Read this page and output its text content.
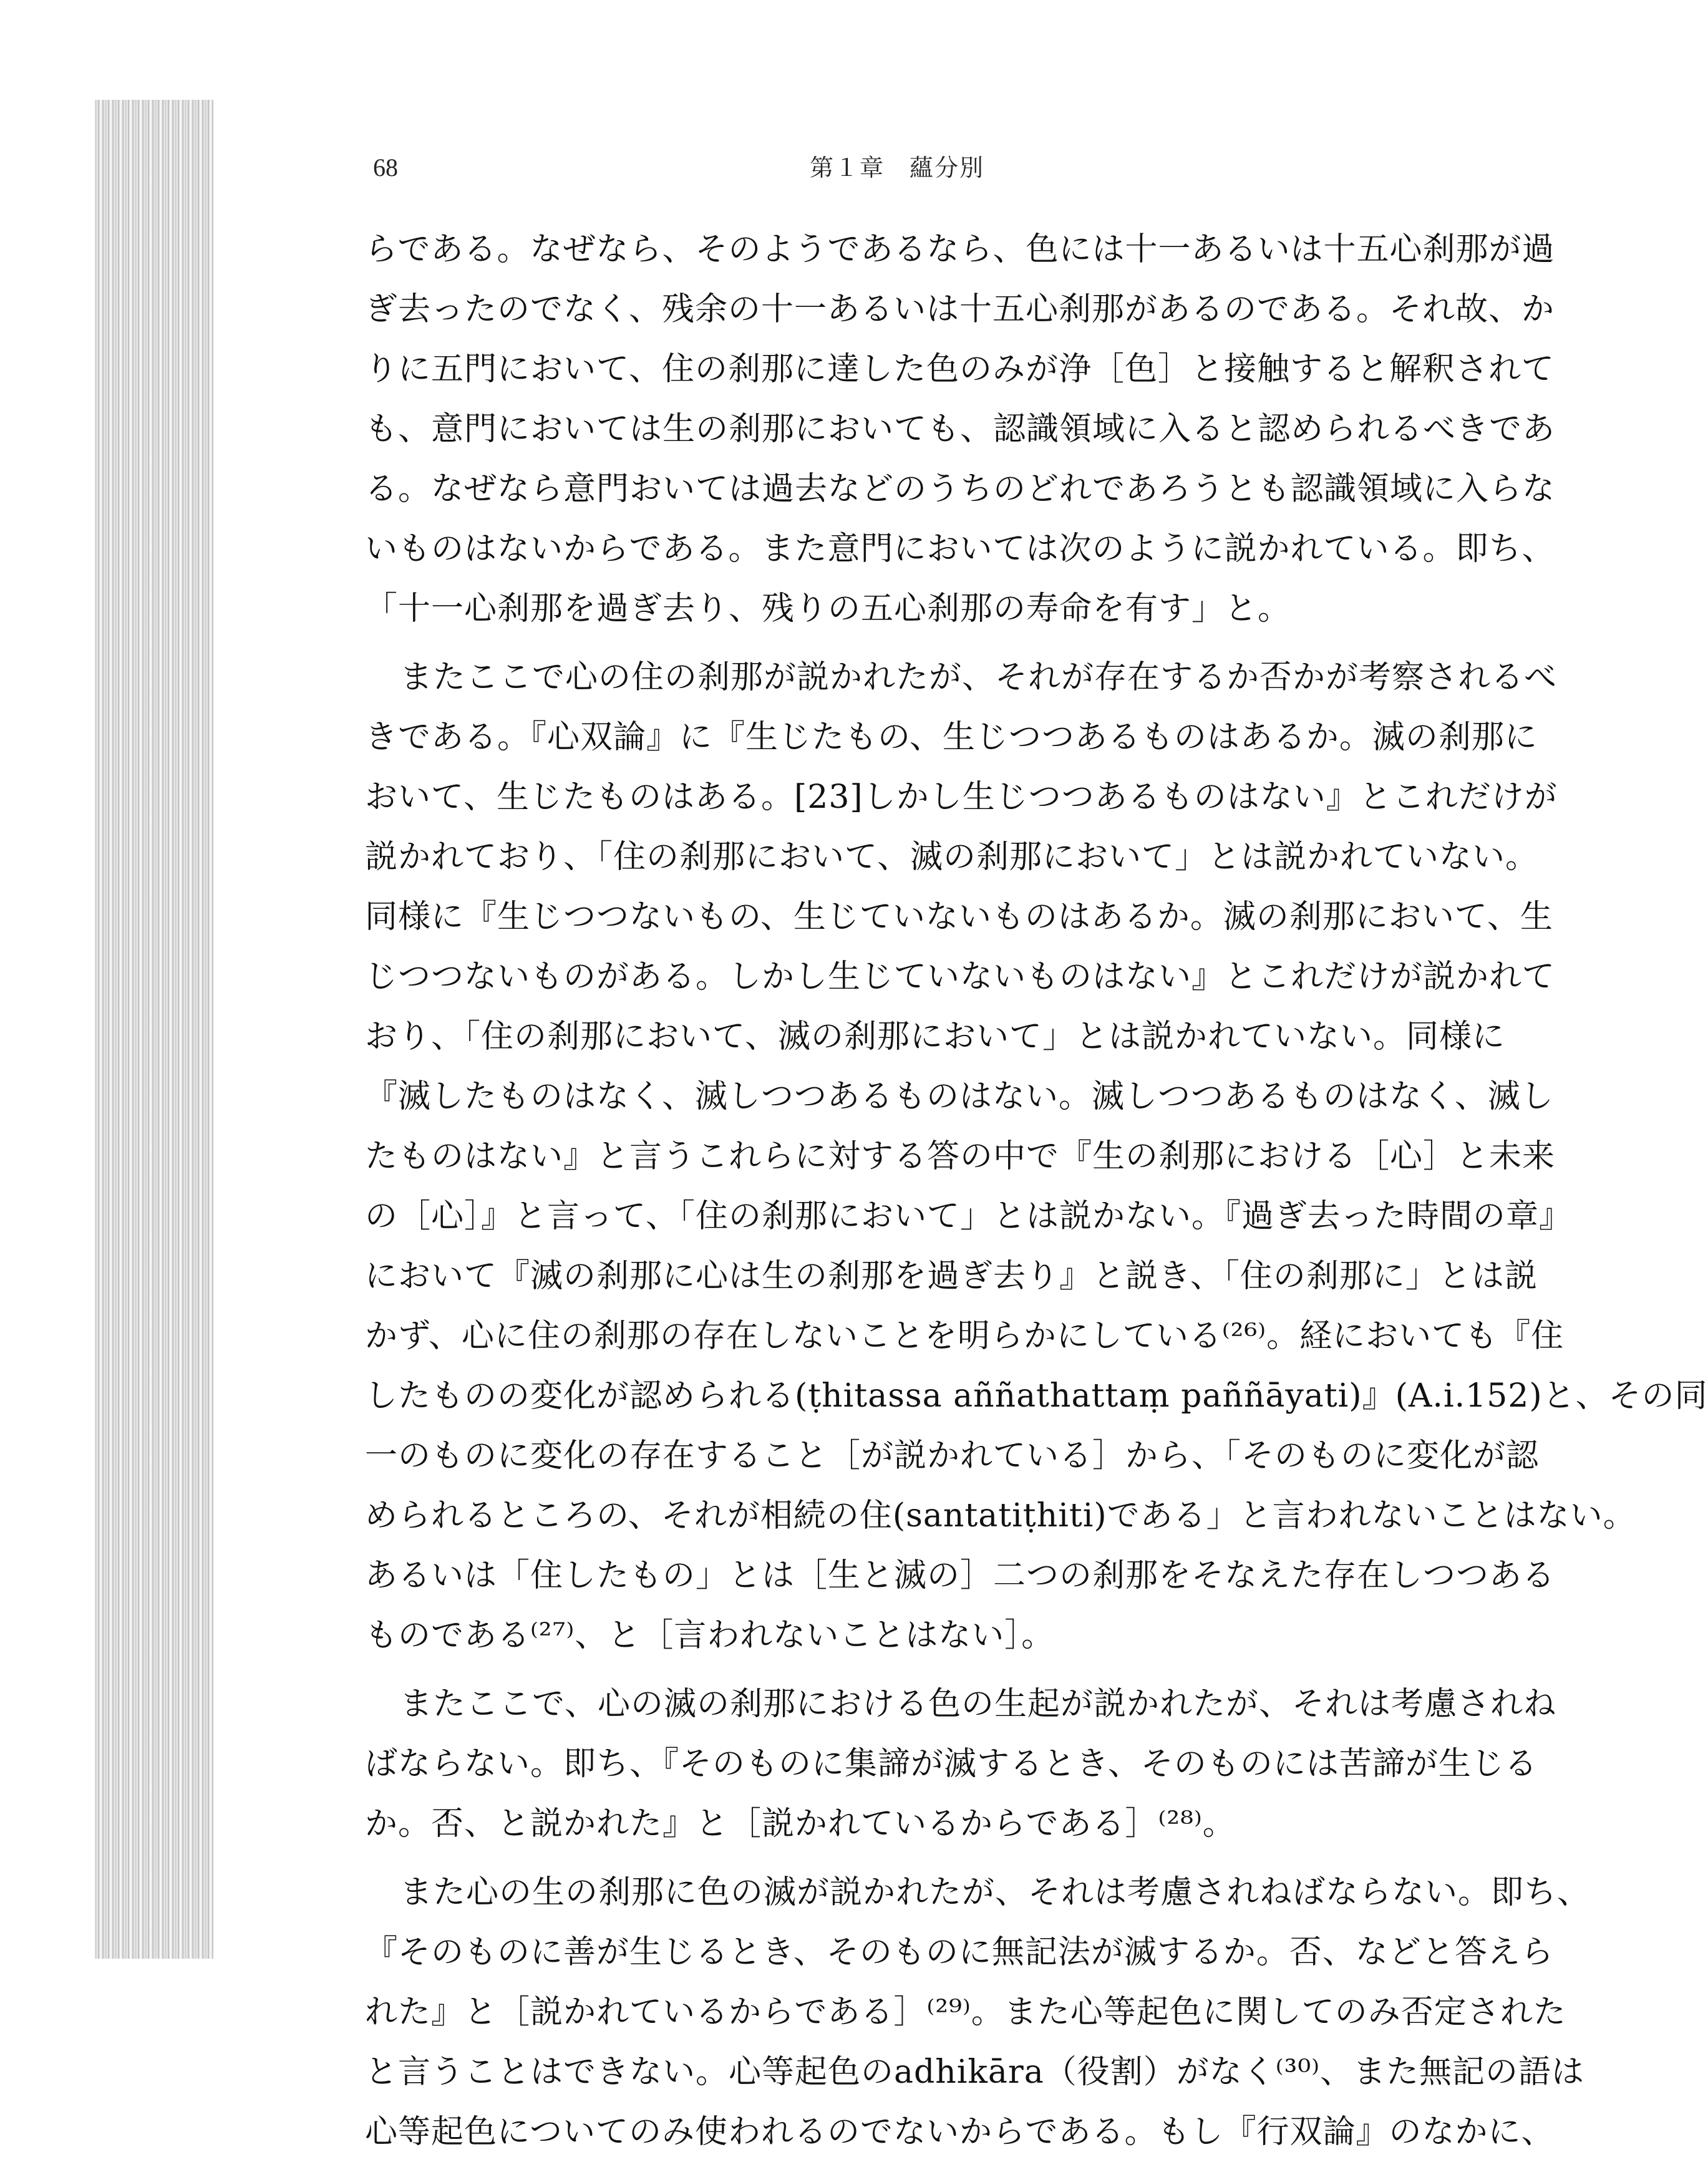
68	第１章　蘊分別
らである。なぜなら、そのようであるなら、色には十一あるいは十五心刹那が過
ぎ去ったのでなく、残余の十一あるいは十五心刹那があるのである。それ故、か
りに五門において、住の刹那に達した色のみが浄［色］と接触すると解釈されて
も、意門においては生の刹那においても、認識領域に入ると認められるべきであ
る。なぜなら意門おいては過去などのうちのどれであろうとも認識領域に入らな
いものはないからである。また意門においては次のように説かれている。即ち、
「十一心刹那を過ぎ去り、残りの五心刹那の寿命を有す」と。
またここで心の住の刹那が説かれたが、それが存在するか否かが考察されるべ
きである。『心双論』に『生じたもの、生じつつあるものはあるか。滅の刹那に
おいて、生じたものはある。[23]しかし生じつつあるものはない』とこれだけが
説かれており、「住の刹那において、滅の刹那において」とは説かれていない。
同様に『生じつつないもの、生じていないものはあるか。滅の刹那において、生
じつつないものがある。しかし生じていないものはない』とこれだけが説かれて
おり、「住の刹那において、滅の刹那において」とは説かれていない。同様に
『滅したものはなく、滅しつつあるものはない。滅しつつあるものはなく、滅し
たものはない』と言うこれらに対する答の中で『生の刹那における［心］と未来
の［心］』と言って、「住の刹那において」とは説かない。『過ぎ去った時間の章』
において『滅の刹那に心は生の刹那を過ぎ去り』と説き、「住の刹那に」とは説
かず、心に住の刹那の存在しないことを明らかにしている⁽²⁶⁾。経においても『住
したものの変化が認められる(ṭhitassa aññathattaṃ paññāyati)』(A.i.152)と、その同
一のものに変化の存在すること［が説かれている］から、「そのものに変化が認
められるところの、それが相続の住(santatiṭhiti)である」と言われないことはない。
あるいは「住したもの」とは［生と滅の］二つの刹那をそなえた存在しつつある
ものである⁽²⁷⁾、と［言われないことはない］。
またここで、心の滅の刹那における色の生起が説かれたが、それは考慮されね
ばならない。即ち、『そのものに集諦が滅するとき、そのものには苦諦が生じる
か。否、と説かれた』と［説かれているからである］⁽²⁸⁾。
また心の生の刹那に色の滅が説かれたが、それは考慮されねばならない。即ち、
『そのものに善が生じるとき、そのものに無記法が滅するか。否、などと答えら
れた』と［説かれているからである］⁽²⁹⁾。また心等起色に関してのみ否定された
と言うことはできない。心等起色のadhikāra（役割）がなく⁽³⁰⁾、また無記の語は
心等起色についてのみ使われるのでないからである。もし『行双論』のなかに、
